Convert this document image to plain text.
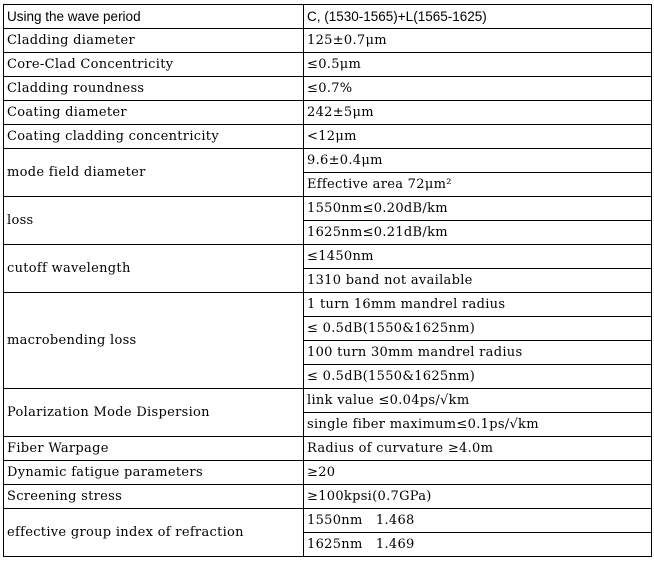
Using the wave period	C, (1530-1565)+L(1565-1625)
Cladding diameter	125±0.7μm
Core-Clad Concentricity	≤0.5μm
Cladding roundness	≤0.7%
Coating diameter	242±5μm
Coating cladding concentricity	<12μm
mode field diameter	9.6±0.4μm
	Effective area 72μm²
loss	1550nm≤0.20dB/km
	1625nm≤0.21dB/km
cutoff wavelength	≤1450nm
	1310 band not available
macrobending loss	1 turn 16mm mandrel radius
	≤ 0.5dB(1550&1625nm)
	100 turn 30mm mandrel radius
	≤ 0.5dB(1550&1625nm)
Polarization Mode Dispersion	link value ≤0.04ps/√km
	single fiber maximum≤0.1ps/√km
Fiber Warpage	Radius of curvature ≥4.0m
Dynamic fatigue parameters	≥20
Screening stress	≥100kpsi(0.7GPa)
effective group index of refraction	1550nm   1.468
	1625nm   1.469
